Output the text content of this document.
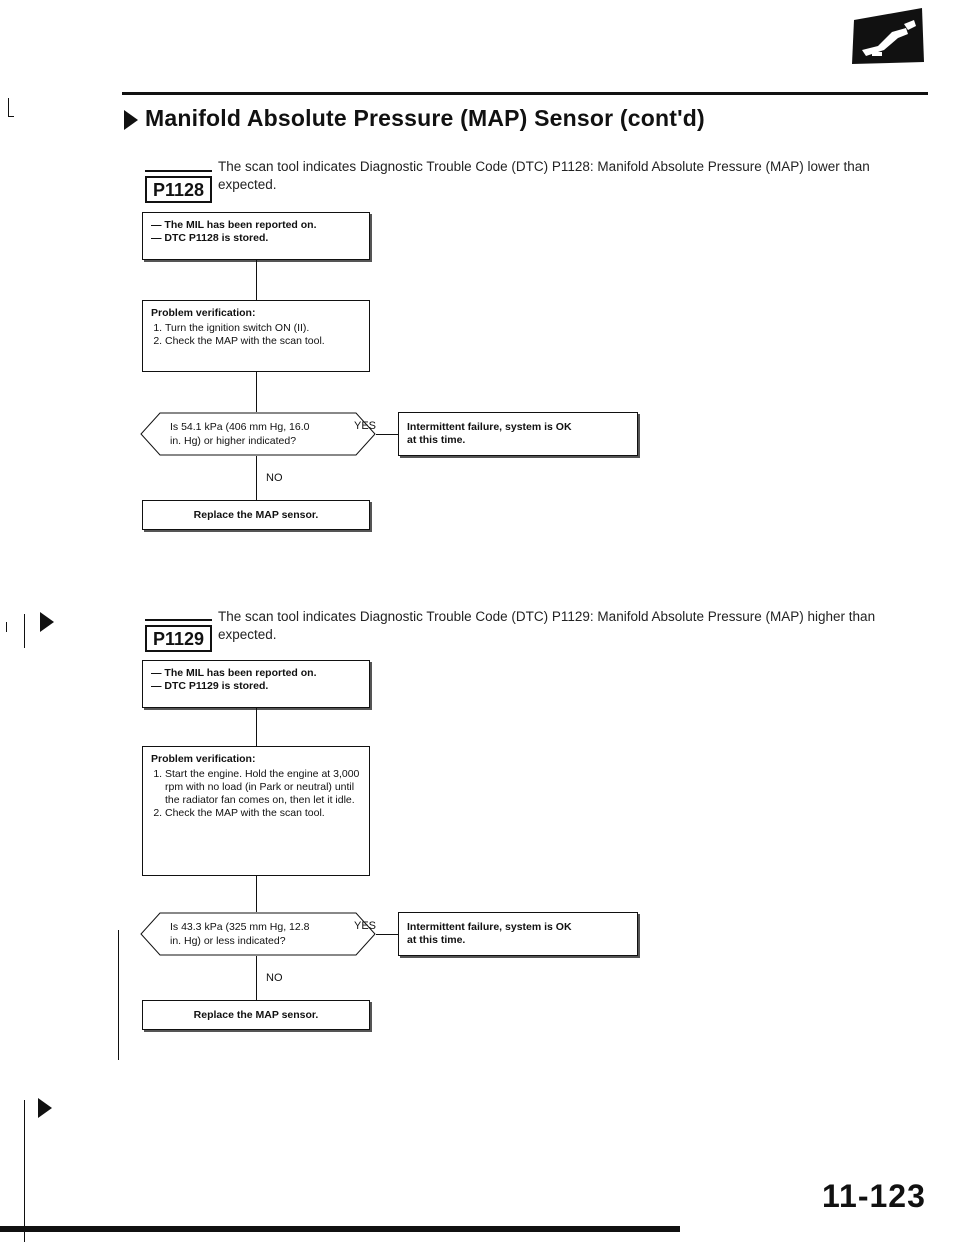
Manifold Absolute Pressure (MAP) Sensor (cont'd)
P1128
The scan tool indicates Diagnostic Trouble Code (DTC) P1128: Manifold Absolute Pressure (MAP) lower than
expected.
— The MIL has been reported on.
— DTC P1128 is stored.
Problem verification:
1. Turn the ignition switch ON (II).
2. Check the MAP with the scan tool.
Is 54.1 kPa (406 mm Hg, 16.0
in. Hg) or higher indicated?
YES	Intermittent failure, system is OK
at this time.
NO
Replace the MAP sensor.
P1129
The scan tool indicates Diagnostic Trouble Code (DTC) P1129: Manifold Absolute Pressure (MAP) higher than
expected.
— The MIL has been reported on.
— DTC P1129 is stored.
Problem verification:
1. Start the engine. Hold the engine at 3,000 rpm with no load (in Park or neutral) until the radiator fan comes on, then let it idle.
2. Check the MAP with the scan tool.
Is 43.3 kPa (325 mm Hg, 12.8
in. Hg) or less indicated?
YES	Intermittent failure, system is OK
at this time.
NO
Replace the MAP sensor.
11-123
